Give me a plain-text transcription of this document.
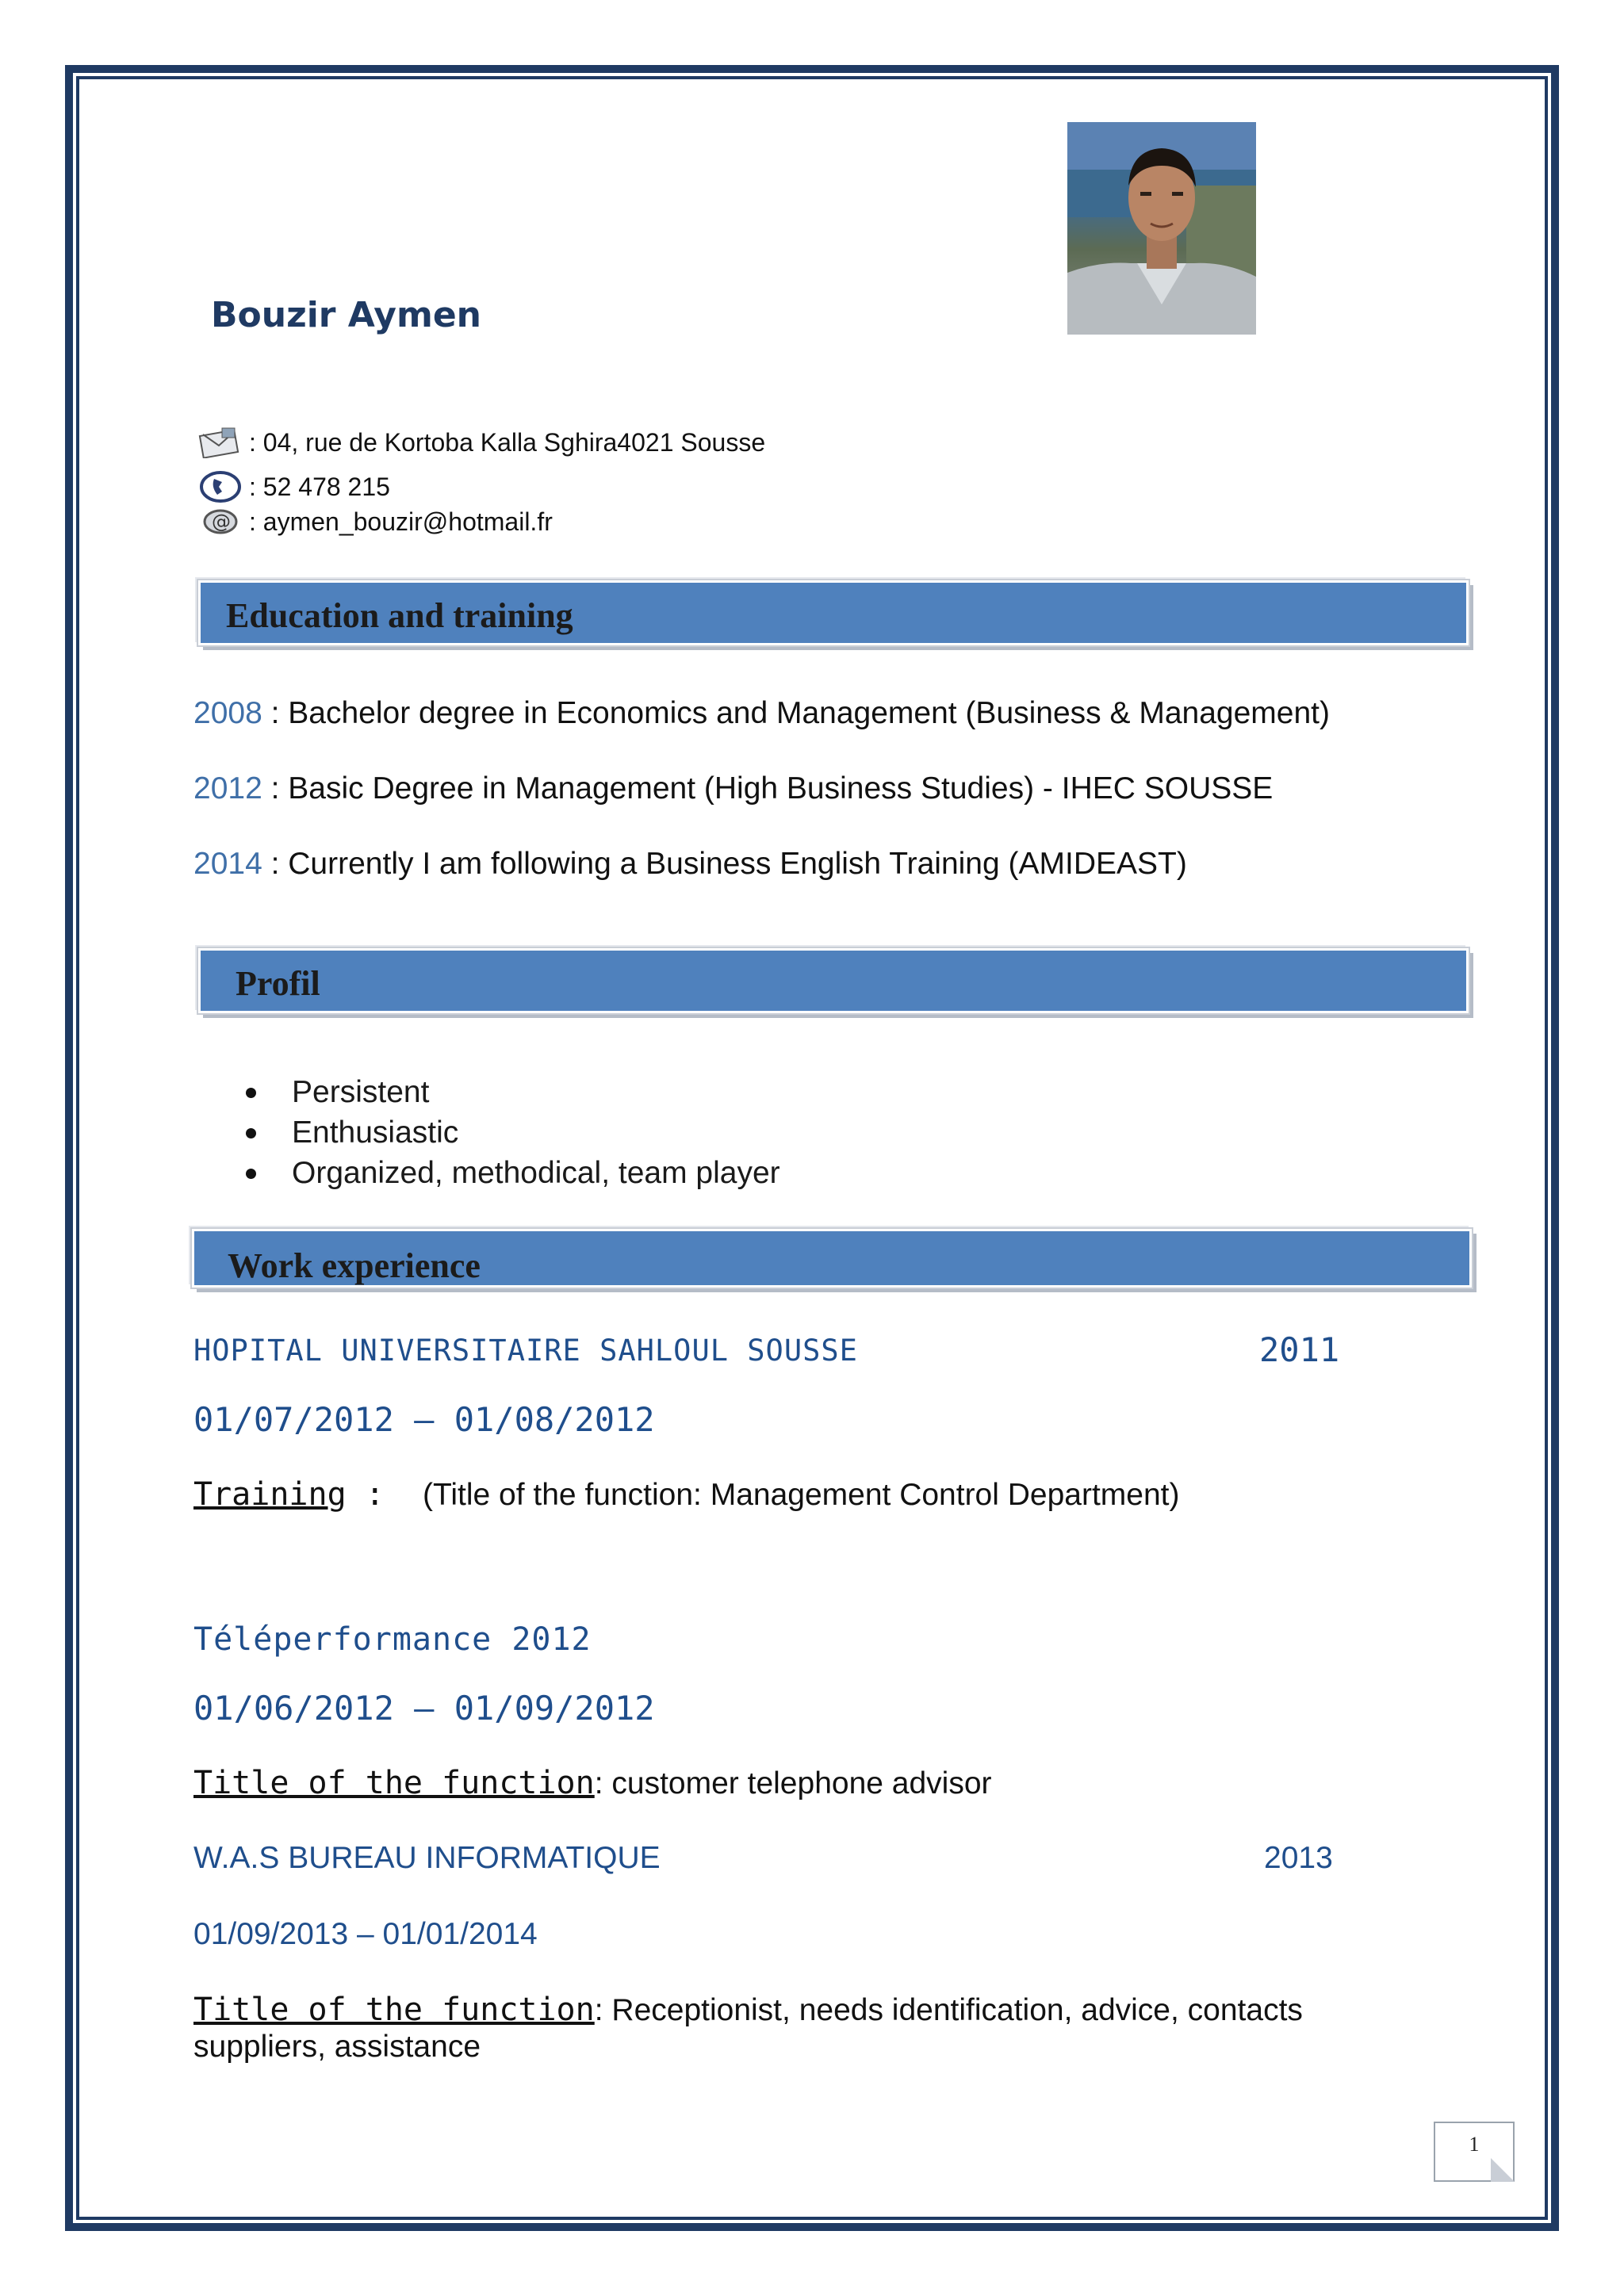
Bouzir Aymen
: 04, rue de Kortoba Kalla Sghira4021 Sousse
: 52 478 215
@ : aymen_bouzir@hotmail.fr
Education and training
2008 : Bachelor degree in Economics and Management (Business & Management)
2012 : Basic Degree in Management (High Business Studies) - IHEC SOUSSE
2014 : Currently I am following a Business English Training (AMIDEAST)
Profil
Persistent
Enthusiastic
Organized, methodical, team player
Work experience
HOPITAL UNIVERSITAIRE SAHLOUL SOUSSE	2011
01/07/2012 – 01/08/2012
Training :  (Title of the function: Management Control Department)
Téléperformance 2012
01/06/2012 – 01/09/2012
Title of the function: customer telephone advisor
W.A.S BUREAU INFORMATIQUE	2013
01/09/2013 – 01/01/2014
Title of the function: Receptionist, needs identification, advice, contacts
suppliers, assistance
1
